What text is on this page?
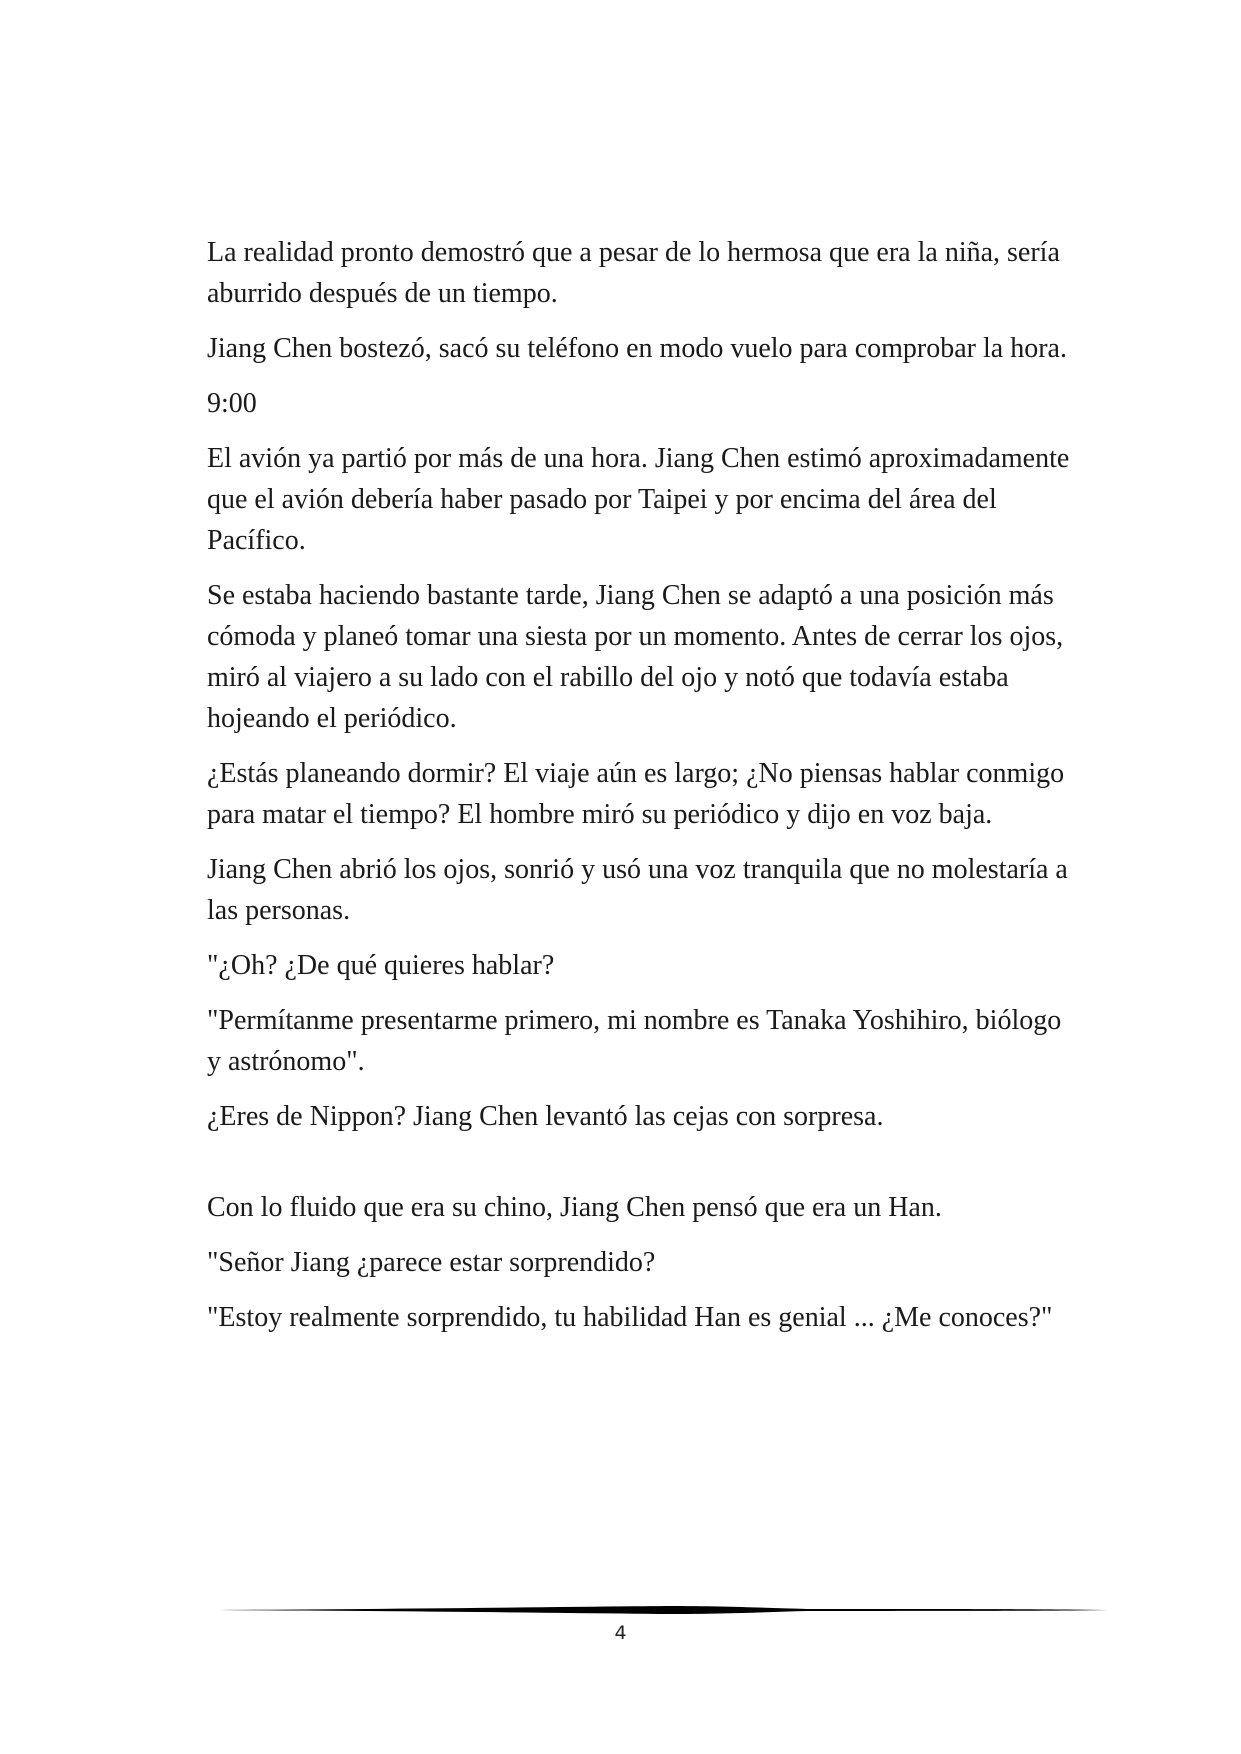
La realidad pronto demostró que a pesar de lo hermosa que era la niña, sería aburrido después de un tiempo.

Jiang Chen bostezó, sacó su teléfono en modo vuelo para comprobar la hora.

9:00

El avión ya partió por más de una hora. Jiang Chen estimó aproximadamente que el avión debería haber pasado por Taipei y por encima del área del Pacífico.

Se estaba haciendo bastante tarde, Jiang Chen se adaptó a una posición más cómoda y planeó tomar una siesta por un momento. Antes de cerrar los ojos, miró al viajero a su lado con el rabillo del ojo y notó que todavía estaba hojeando el periódico.

¿Estás planeando dormir? El viaje aún es largo; ¿No piensas hablar conmigo para matar el tiempo? El hombre miró su periódico y dijo en voz baja.

Jiang Chen abrió los ojos, sonrió y usó una voz tranquila que no molestaría a las personas.

"¿Oh? ¿De qué quieres hablar?

"Permítanme presentarme primero, mi nombre es Tanaka Yoshihiro, biólogo y astrónomo".

¿Eres de Nippon? Jiang Chen levantó las cejas con sorpresa.

Con lo fluido que era su chino, Jiang Chen pensó que era un Han.

"Señor Jiang ¿parece estar sorprendido?

"Estoy realmente sorprendido, tu habilidad Han es genial ... ¿Me conoces?"

4
